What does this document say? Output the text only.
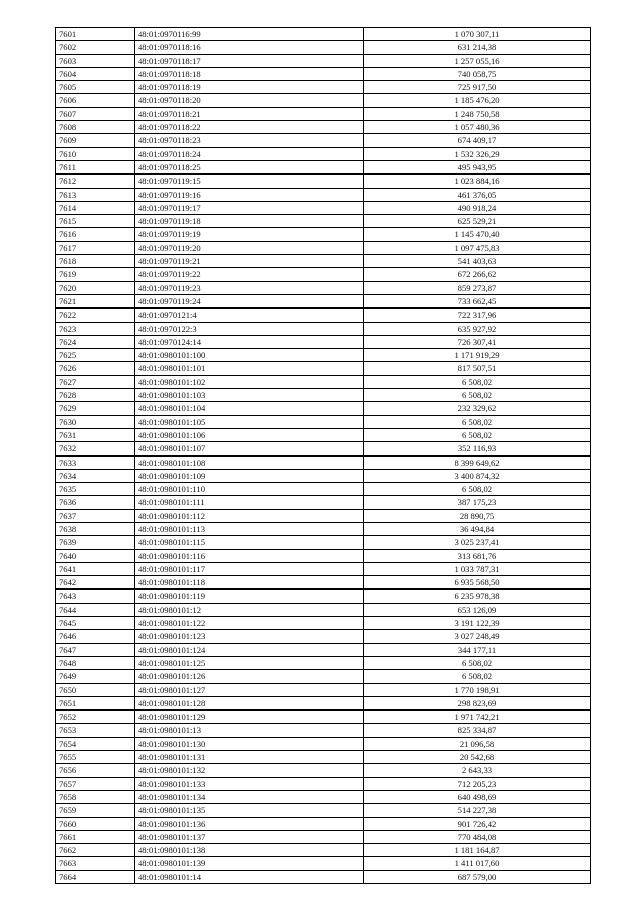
7601	48:01:0970116:99	1 070 307,11
7602	48:01:0970118:16	631 214,38
7603	48:01:0970118:17	1 257 055,16
7604	48:01:0970118:18	740 058,75
7605	48:01:0970118:19	725 917,50
7606	48:01:0970118:20	1 185 476,20
7607	48:01:0970118:21	1 248 750,58
7608	48:01:0970118:22	1 057 480,36
7609	48:01:0970118:23	674 409,17
7610	48:01:0970118:24	1 532 326,29
7611	48:01:0970118:25	495 943,95
7612	48:01:0970119:15	1 023 884,16
7613	48:01:0970119:16	461 376,05
7614	48:01:0970119:17	490 918,24
7615	48:01:0970119:18	625 529,21
7616	48:01:0970119:19	1 145 470,40
7617	48:01:0970119:20	1 097 475,83
7618	48:01:0970119:21	541 403,63
7619	48:01:0970119:22	672 266,62
7620	48:01:0970119:23	859 273,87
7621	48:01:0970119:24	733 662,45
7622	48:01:0970121:4	722 317,96
7623	48:01:0970122:3	635 927,92
7624	48:01:0970124:14	726 307,41
7625	48:01:0980101:100	1 171 919,29
7626	48:01:0980101:101	817 507,51
7627	48:01:0980101:102	6 508,02
7628	48:01:0980101:103	6 508,02
7629	48:01:0980101:104	232 329,62
7630	48:01:0980101:105	6 508,02
7631	48:01:0980101:106	6 508,02
7632	48:01:0980101:107	352 116,93
7633	48:01:0980101:108	8 399 649,62
7634	48:01:0980101:109	3 400 874,32
7635	48:01:0980101:110	6 508,02
7636	48:01:0980101:111	387 175,23
7637	48:01:0980101:112	28 890,75
7638	48:01:0980101:113	36 494,84
7639	48:01:0980101:115	3 025 237,41
7640	48:01:0980101:116	313 681,76
7641	48:01:0980101:117	1 033 787,31
7642	48:01:0980101:118	6 935 568,50
7643	48:01:0980101:119	6 235 978,38
7644	48:01:0980101:12	653 126,09
7645	48:01:0980101:122	3 191 122,39
7646	48:01:0980101:123	3 027 248,49
7647	48:01:0980101:124	344 177,11
7648	48:01:0980101:125	6 508,02
7649	48:01:0980101:126	6 508,02
7650	48:01:0980101:127	1 770 198,91
7651	48:01:0980101:128	298 823,69
7652	48:01:0980101:129	1 971 742,21
7653	48:01:0980101:13	825 334,87
7654	48:01:0980101:130	21 096,58
7655	48:01:0980101:131	20 542,68
7656	48:01:0980101:132	2 643,33
7657	48:01:0980101:133	712 205,23
7658	48:01:0980101:134	640 498,69
7659	48:01:0980101:135	514 227,38
7660	48:01:0980101:136	901 726,42
7661	48:01:0980101:137	770 484,08
7662	48:01:0980101:138	1 181 164,87
7663	48:01:0980101:139	1 411 017,60
7664	48:01:0980101:14	687 579,00
